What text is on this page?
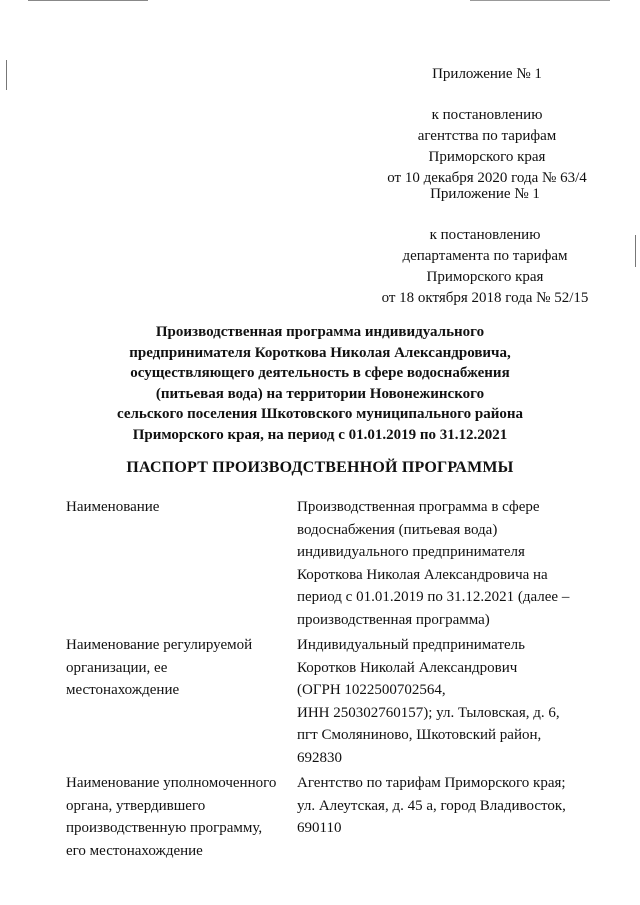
Приложение № 1
к постановлению
агентства по тарифам
Приморского края
от 10 декабря 2020 года № 63/4
Приложение № 1
к постановлению
департамента по тарифам
Приморского края
от 18 октября 2018 года № 52/15
Производственная программа индивидуального
предпринимателя Короткова Николая Александровича,
осуществляющего деятельность в сфере водоснабжения
(питьевая вода) на территории Новонежинского
сельского поселения Шкотовского муниципального района
Приморского края, на период с 01.01.2019 по 31.12.2021
ПАСПОРТ ПРОИЗВОДСТВЕННОЙ ПРОГРАММЫ
Наименование	Производственная программа в сфере
водоснабжения (питьевая вода)
индивидуального предпринимателя
Короткова Николая Александровича на
период с 01.01.2019 по 31.12.2021 (далее –
производственная программа)
Наименование регулируемой
организации, ее
местонахождение
Индивидуальный предприниматель
Коротков Николай Александрович
(ОГРН 1022500702564,
ИНН 250302760157); ул. Тыловская, д. 6,
пгт Смоляниново, Шкотовский район,
692830
Наименование уполномоченного
органа, утвердившего
производственную программу,
его местонахождение
Агентство по тарифам Приморского края;
ул. Алеутская, д. 45 а, город Владивосток,
690110
